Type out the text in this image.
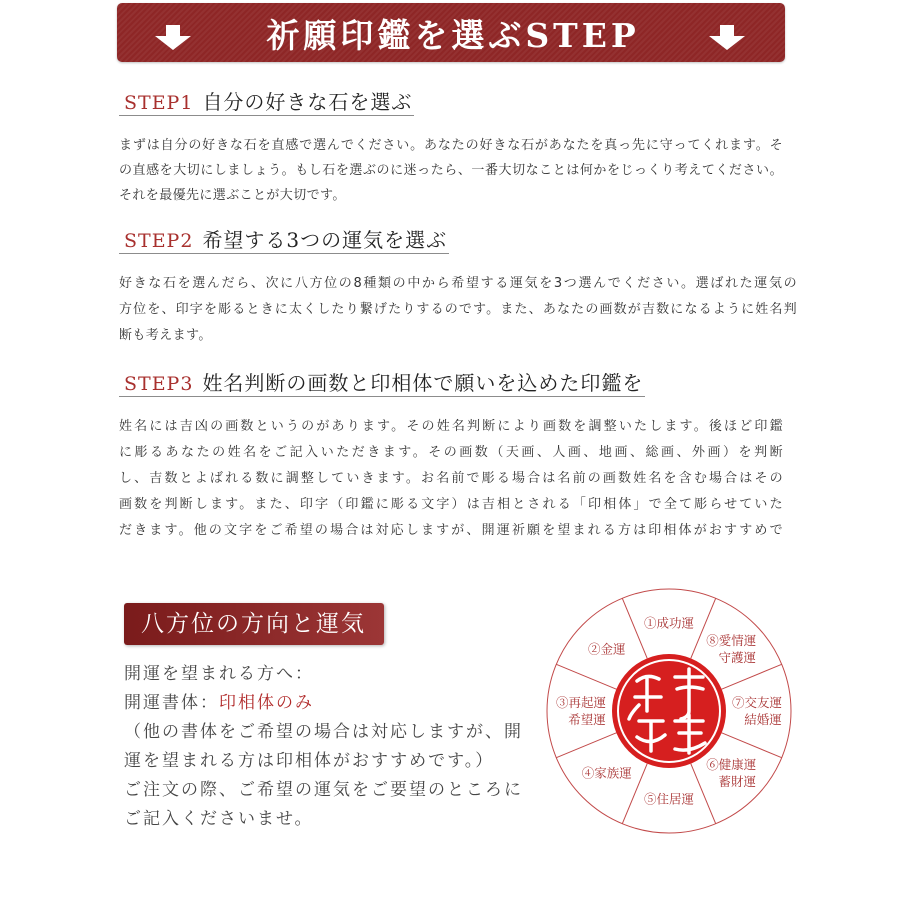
祈願印鑑を選ぶSTEP
STEP1 自分の好きな石を選ぶ
まずは自分の好きな石を直感で選んでください。あなたの好きな石があなたを真っ先に守ってくれます。そ
の直感を大切にしましょう。もし石を選ぶのに迷ったら、一番大切なことは何かをじっくり考えてください。
それを最優先に選ぶことが大切です。
STEP2 希望する3つの運気を選ぶ
好きな石を選んだら、次に八方位の8種類の中から希望する運気を3つ選んでください。選ばれた運気の
方位を、印字を彫るときに太くしたり繋げたりするのです。また、あなたの画数が吉数になるように姓名判
断も考えます。
STEP3 姓名判断の画数と印相体で願いを込めた印鑑を
姓名には吉凶の画数というのがあります。その姓名判断により画数を調整いたします。後ほど印鑑
に彫るあなたの姓名をご記入いただきます。その画数（天画、人画、地画、総画、外画）を判断
し、吉数とよばれる数に調整していきます。お名前で彫る場合は名前の画数姓名を含む場合はその
画数を判断します。また、印字（印鑑に彫る文字）は吉相とされる「印相体」で全て彫らせていた
だきます。他の文字をご希望の場合は対応しますが、開運祈願を望まれる方は印相体がおすすめで
八方位の方向と運気
開運を望まれる方へ：
開運書体：印相体のみ
（他の書体をご希望の場合は対応しますが、開
運を望まれる方は印相体がおすすめです。）
ご注文の際、ご希望の運気をご要望のところに
ご記入くださいませ。
①成功運
②金運
③再起運
希望運
④家族運
⑤住居運
⑥健康運
蓄財運
⑦交友運
結婚運
⑧愛情運
守護運
